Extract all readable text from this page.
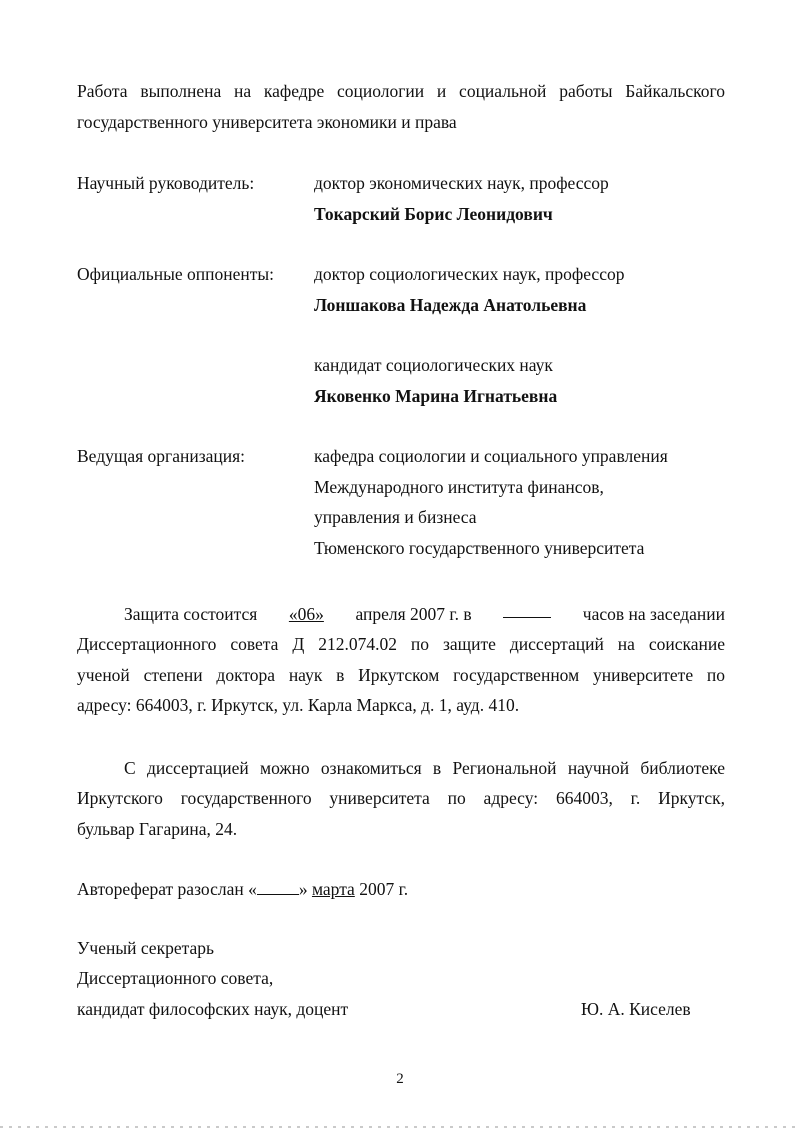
Работа выполнена на кафедре социологии и социальной работы Байкальского
государственного университета экономики и права
Научный руководитель:	доктор экономических наук, профессор
Токарский Борис Леонидович
Официальные оппоненты: доктор социологических наук, профессор
Лоншакова Надежда Анатольевна
кандидат социологических наук
Яковенко Марина Игнатьевна
Ведущая организация:	кафедра социологии и социального управления
Международного института финансов,
управления и бизнеса
Тюменского государственного университета
Защита состоится «06» апреля 2007 г. в	часов на заседании
Диссертационного совета Д 212.074.02 по защите диссертаций на соискание
ученой степени доктора наук в Иркутском государственном университете по
адресу: 664003, г. Иркутск, ул. Карла Маркса, д. 1, ауд. 410.
С диссертацией можно ознакомиться в Региональной научной библиотеке
Иркутского государственного университета по адресу: 664003, г. Иркутск,
бульвар Гагарина, 24.
Автореферат разослан « » марта 2007 г.
Ученый секретарь
Диссертационного совета,
кандидат философских наук, доцент	Ю. А. Киселев
2
